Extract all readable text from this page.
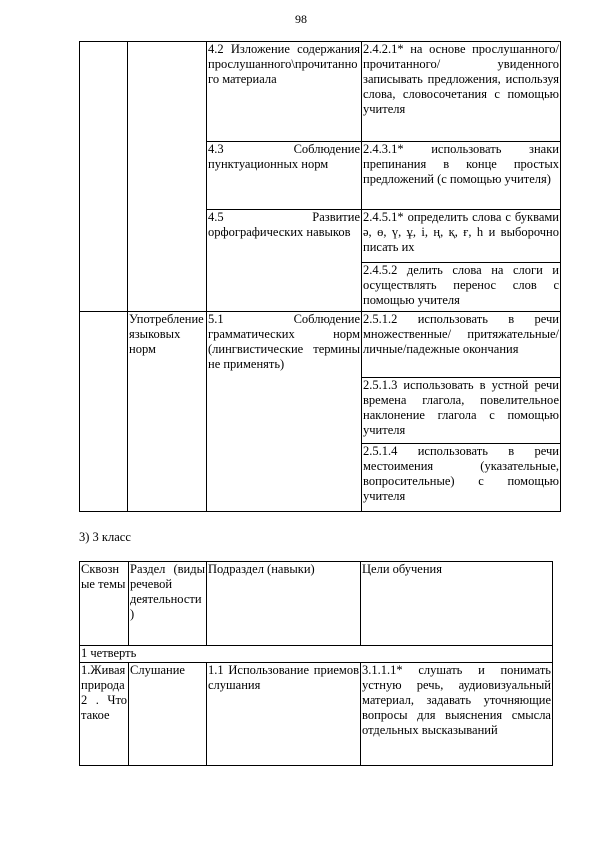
98
		4.2 Изложение содержания прослушанного\прочитанного материала	2.4.2.1* на основе прослушанного/ прочитанного/ увиденного записывать предложения, используя слова, словосочетания с помощью учителя
		4.3 Соблюдение пунктуационных норм	2.4.3.1* использовать знаки препинания в конце простых предложений (с помощью учителя)
		4.5 Развитие орфографических навыков	2.4.5.1* определить слова с буквами ә, ө, ү, ұ, і, ң, қ, ғ, һ и выборочно писать их
			2.4.5.2 делить слова на слоги и осуществлять перенос слов с помощью учителя
	Употребление языковых норм	5.1 Соблюдение грамматических норм (лингвистические термины не применять)	2.5.1.2 использовать в речи множественные/ притяжательные/ личные/падежные окончания
			2.5.1.3 использовать в устной речи времена глагола, повелительное наклонение глагола с помощью учителя
			2.5.1.4 использовать в речи местоимения (указательные, вопросительные) с помощью учителя
3) 3 класс
Сквозные темы	Раздел (виды речевой деятельности)	Подраздел (навыки)	Цели обучения
1 четверть			
1.Живая природа 2 . Что такое	Слушание	1.1 Использование приемов слушания	3.1.1.1* слушать и понимать устную речь, аудиовизуальный материал, задавать уточняющие вопросы для выяснения смысла отдельных высказываний
